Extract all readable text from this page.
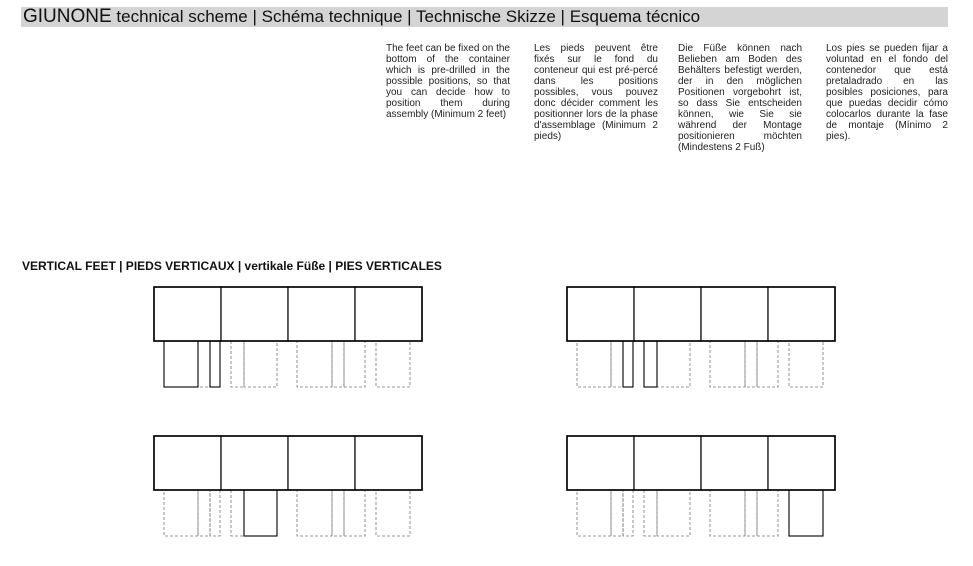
GIUNONE technical scheme | Schéma technique | Technische Skizze | Esquema técnico

The feet can be fixed on the bottom of the container which is pre-drilled in the possible positions, so that you can decide how to position them during assembly (Minimum 2 feet)

Les pieds peuvent être fixés sur le fond du conteneur qui est pré-percé dans les positions possibles, vous pouvez donc décider comment les positionner lors de la phase d'assemblage (Minimum 2 pieds)

Die Füße können nach Belieben am Boden des Behälters befestigt werden, der in den möglichen Positionen vorgebohrt ist, so dass Sie entscheiden können, wie Sie sie während der Montage positionieren möchten (Mindestens 2 Fuß)

Los pies se pueden fijar a voluntad en el fondo del contenedor que está pretaladrado en las posibles posiciones, para que puedas decidir cómo colocarlos durante la fase de montaje (Mínimo 2 pies).

VERTICAL FEET | PIEDS VERTICAUX | vertikale Füße | PIES VERTICALES
